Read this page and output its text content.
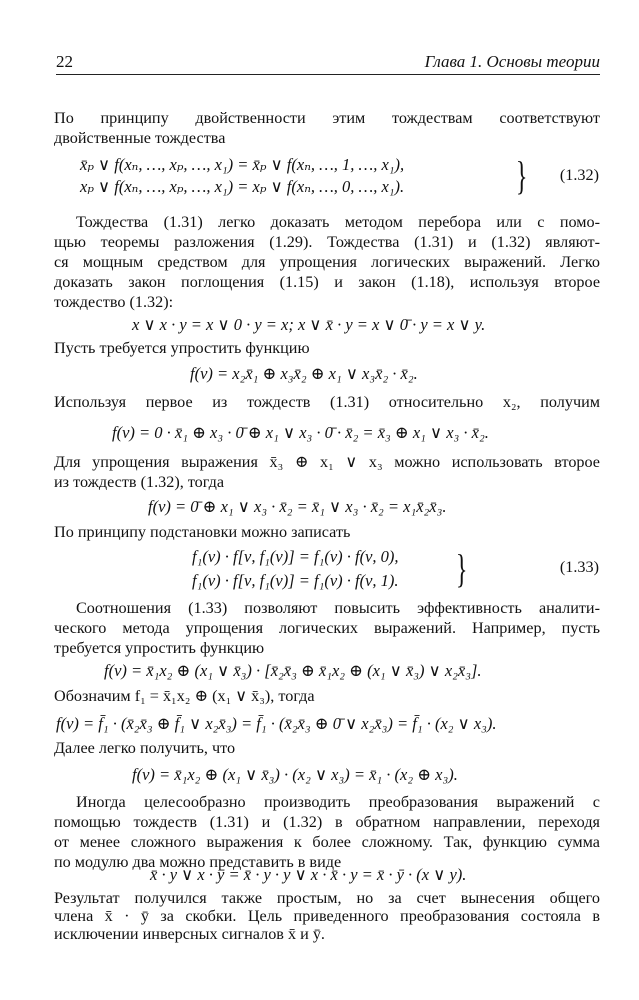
22	Глава 1. Основы теории
По принципу двойственности этим тождествам соответствуют
двойственные тождества
x̄ₚ ∨ f(xₙ, …, xₚ, …, x₁) = x̄ₚ ∨ f(xₙ, …, 1, …, x₁),
xₚ ∨ f(xₙ, …, xₚ, …, x₁) = xₚ ∨ f(xₙ, …, 0, …, x₁).	} (1.32)
Тождества (1.31) легко доказать методом перебора или с помо-
щью теоремы разложения (1.29). Тождества (1.31) и (1.32) являют-
ся мощным средством для упрощения логических выражений. Легко
доказать закон поглощения (1.15) и закон (1.18), используя второе
тождество (1.32):
x ∨ x · y = x ∨ 0 · y = x; x ∨ x̄ · y = x ∨ 0̄ · y = x ∨ y.
Пусть требуется упростить функцию
f(ν) = x₂x̄₁ ⊕ x₃x̄₂ ⊕ x₁ ∨ x₃x̄₂ · x̄₂.
Используя первое из тождеств (1.31) относительно x₂, получим
f(ν) = 0 · x̄₁ ⊕ x₃ · 0̄ ⊕ x₁ ∨ x₃ · 0̄ · x̄₂ = x̄₃ ⊕ x₁ ∨ x₃ · x̄₂.
Для упрощения выражения x̄₃ ⊕ x₁ ∨ x₃ можно использовать второе
из тождеств (1.32), тогда
f(ν) = 0̄ ⊕ x₁ ∨ x₃ · x̄₂ = x̄₁ ∨ x₃ · x̄₂ = x₁x̄₂x̄₃.
По принципу подстановки можно записать
f₁(ν) · f[ν, f₁(ν)] = f₁(ν) · f(ν, 0),
f₁(ν) · f[ν, f₁(ν)] = f₁(ν) · f(ν, 1). }	(1.33)
Соотношения (1.33) позволяют повысить эффективность аналити-
ческого метода упрощения логических выражений. Например, пусть
требуется упростить функцию
f(ν) = x̄₁x₂ ⊕ (x₁ ∨ x̄₃) · [x̄₂x̄₃ ⊕ x̄₁x₂ ⊕ (x₁ ∨ x̄₃) ∨ x₂x̄₃].
Обозначим f₁ = x̄₁x₂ ⊕ (x₁ ∨ x̄₃), тогда
f(ν) = f̄₁ · (x̄₂x̄₃ ⊕ f̄₁ ∨ x₂x̄₃) = f̄₁ · (x̄₂x̄₃ ⊕ 0̄ ∨ x₂x̄₃) = f̄₁ · (x₂ ∨ x₃).
Далее легко получить, что
f(ν) = x̄₁x₂ ⊕ (x₁ ∨ x̄₃) · (x₂ ∨ x₃) = x̄₁ · (x₂ ⊕ x₃).
Иногда целесообразно производить преобразования выражений с
помощью тождеств (1.31) и (1.32) в обратном направлении, переходя
от менее сложного выражения к более сложному. Так, функцию сумма
по модулю два можно представить в виде
x̄ · y ∨ x · ȳ = x̄ · y · y ∨ x · x̄ · y = x̄ · ȳ · (x ∨ y).
Результат получился также простым, но за счет вынесения общего
члена x̄ · ȳ за скобки. Цель приведенного преобразования состояла в
исключении инверсных сигналов x̄ и ȳ.
